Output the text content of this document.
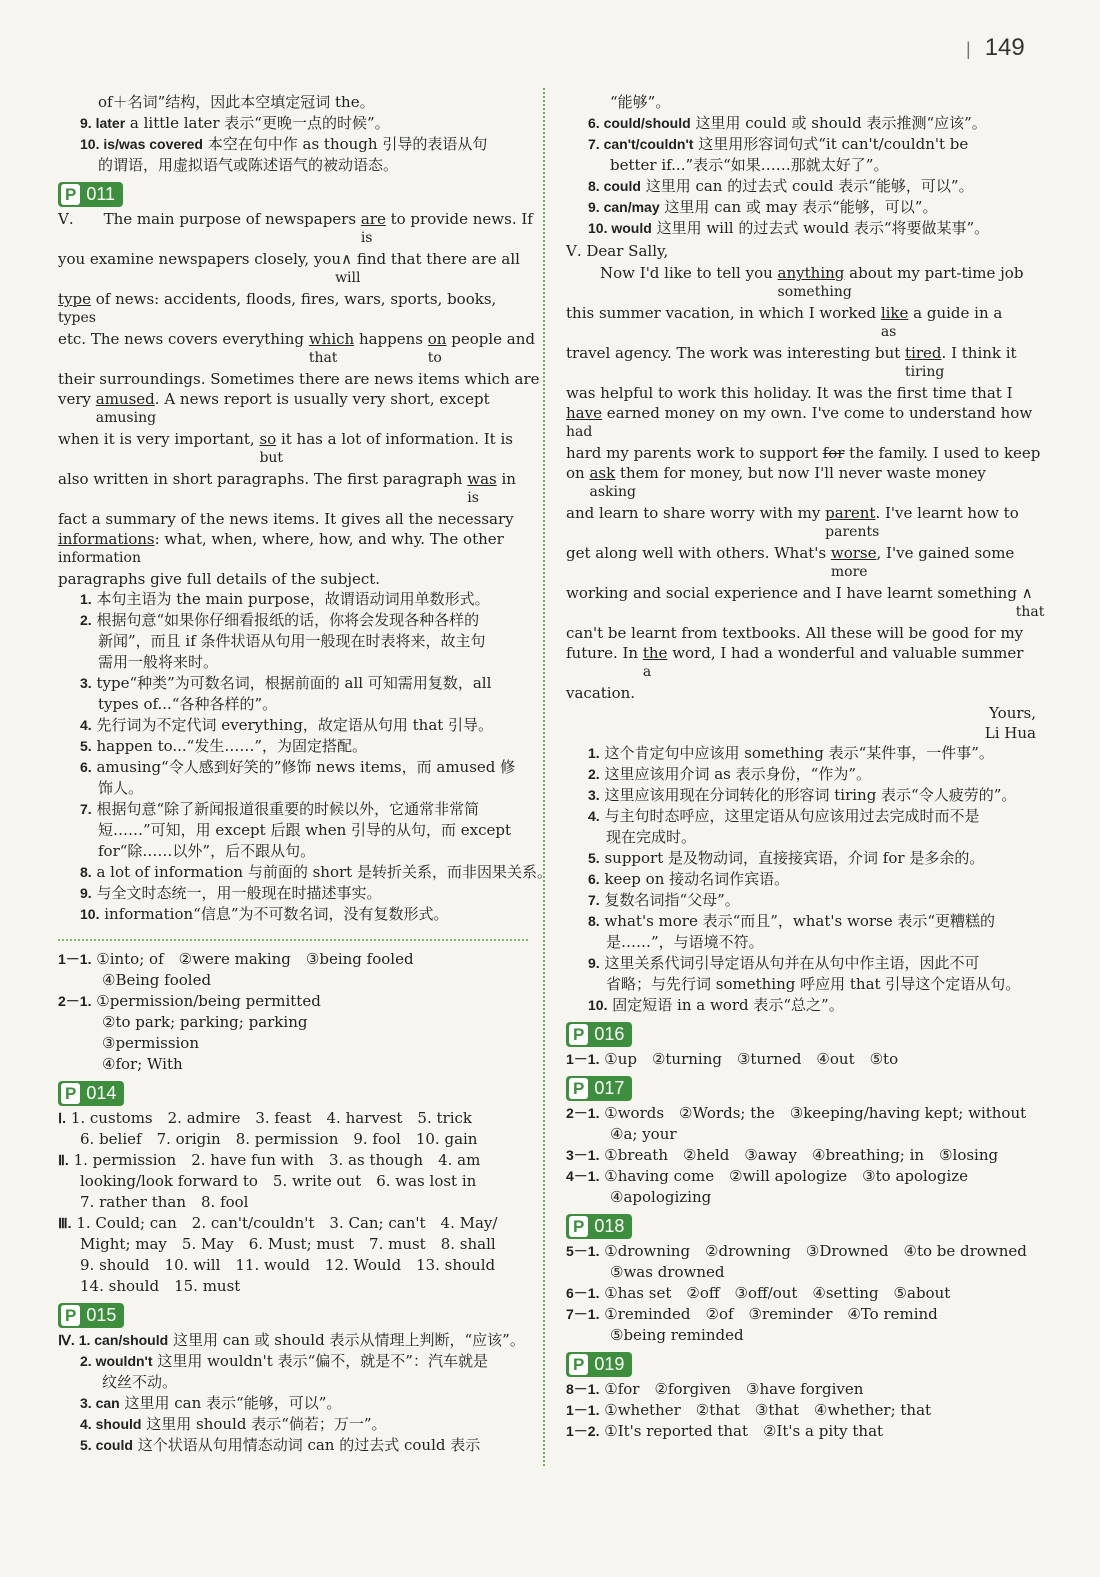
| 149
of＋名词”结构，因此本空填定冠词 the。
9. later a little later 表示“更晚一点的时候”。
10. is/was covered 本空在句中作 as though 引导的表语从句
的谓语，用虚拟语气或陈述语气的被动语态。
P 011
Ⅴ.　　 The main purpose of newspapers are
is
to provide news. If
you examine newspapers closely, you∧
will
find that there are all
type
types
of news: accidents, floods, fires, wars, sports, books,
etc. The news covers everything which
that
happens on
to
people and
their surroundings. Sometimes there are news items which are
very amused
amusing
. A news report is usually very short, except
when it is very important, so
but
it has a lot of information. It is
also written in short paragraphs. The first paragraph was
is
in
fact a summary of the news items. It gives all the necessary
informations
information
: what, when, where, how, and why. The other
paragraphs give full details of the subject.
1. 本句主语为 the main purpose，故谓语动词用单数形式。
2. 根据句意“如果你仔细看报纸的话，你将会发现各种各样的
新闻”，而且 if 条件状语从句用一般现在时表将来，故主句
需用一般将来时。
3. type“种类”为可数名词，根据前面的 all 可知需用复数，all
types of...“各种各样的”。
4. 先行词为不定代词 everything，故定语从句用 that 引导。
5. happen to...“发生……”，为固定搭配。
6. amusing“令人感到好笑的”修饰 news items，而 amused 修
饰人。
7. 根据句意“除了新闻报道很重要的时候以外，它通常非常简
短……”可知，用 except 后跟 when 引导的从句，而 except
for“除……以外”，后不跟从句。
8. a lot of information 与前面的 short 是转折关系，而非因果关系。
9. 与全文时态统一，用一般现在时描述事实。
10. information“信息”为不可数名词，没有复数形式。
1－1. ①into; of　②were making　③being fooled
④Being fooled
2－1. ①permission/being permitted
②to park; parking; parking
③permission
④for; With
P 014
Ⅰ. 1. customs　2. admire　3. feast　4. harvest　5. trick
6. belief　7. origin　8. permission　9. fool　10. gain
Ⅱ. 1. permission　2. have fun with　3. as though　4. am
looking/look forward to　5. write out　6. was lost in
7. rather than　8. fool
Ⅲ. 1. Could; can　2. can't/couldn't　3. Can; can't　4. May/
Might; may　5. May　6. Must; must　7. must　8. shall
9. should　10. will　11. would　12. Would　13. should
14. should　15. must
P 015
Ⅳ. 1. can/should 这里用 can 或 should 表示从情理上判断，“应该”。
2. wouldn't 这里用 wouldn't 表示“偏不，就是不”：汽车就是
纹丝不动。
3. can 这里用 can 表示“能够，可以”。
4. should 这里用 should 表示“倘若；万一”。
5. could 这个状语从句用情态动词 can 的过去式 could 表示
“能够”。
6. could/should 这里用 could 或 should 表示推测“应该”。
7. can't/couldn't 这里用形容词句式“it can't/couldn't be
better if...”表示“如果……那就太好了”。
8. could 这里用 can 的过去式 could 表示“能够，可以”。
9. can/may 这里用 can 或 may 表示“能够，可以”。
10. would 这里用 will 的过去式 would 表示“将要做某事”。
Ⅴ. Dear Sally,
Now I'd like to tell you anything
something
about my part-time job
this summer vacation, in which I worked like
as
a guide in a
travel agency. The work was interesting but tired
tiring
. I think it
was helpful to work this holiday. It was the first time that I
have
had
earned money on my own. I've come to understand how
hard my parents work to support for the family. I used to keep
on ask
asking
them for money, but now I'll never waste money
and learn to share worry with my parent
parents
. I've learnt how to
get along well with others. What's worse
more
, I've gained some
working and social experience and I have learnt something ∧
that
can't be learnt from textbooks. All these will be good for my
future. In the
a
word, I had a wonderful and valuable summer
vacation.
Yours,
Li Hua
1. 这个肯定句中应该用 something 表示“某件事，一件事”。
2. 这里应该用介词 as 表示身份，“作为”。
3. 这里应该用现在分词转化的形容词 tiring 表示“令人疲劳的”。
4. 与主句时态呼应，这里定语从句应该用过去完成时而不是
现在完成时。
5. support 是及物动词，直接接宾语，介词 for 是多余的。
6. keep on 接动名词作宾语。
7. 复数名词指“父母”。
8. what's more 表示“而且”，what's worse 表示“更糟糕的
是……”，与语境不符。
9. 这里关系代词引导定语从句并在从句中作主语，因此不可
省略；与先行词 something 呼应用 that 引导这个定语从句。
10. 固定短语 in a word 表示“总之”。
P 016
1－1. ①up　②turning　③turned　④out　⑤to
P 017
2－1. ①words　②Words; the　③keeping/having kept; without
④a; your
3－1. ①breath　②held　③away　④breathing; in　⑤losing
4－1. ①having come　②will apologize　③to apologize
④apologizing
P 018
5－1. ①drowning　②drowning　③Drowned　④to be drowned
⑤was drowned
6－1. ①has set　②off　③off/out　④setting　⑤about
7－1. ①reminded　②of　③reminder　④To remind
⑤being reminded
P 019
8－1. ①for　②forgiven　③have forgiven
1－1. ①whether　②that　③that　④whether; that
1－2. ①It's reported that　②It's a pity that
